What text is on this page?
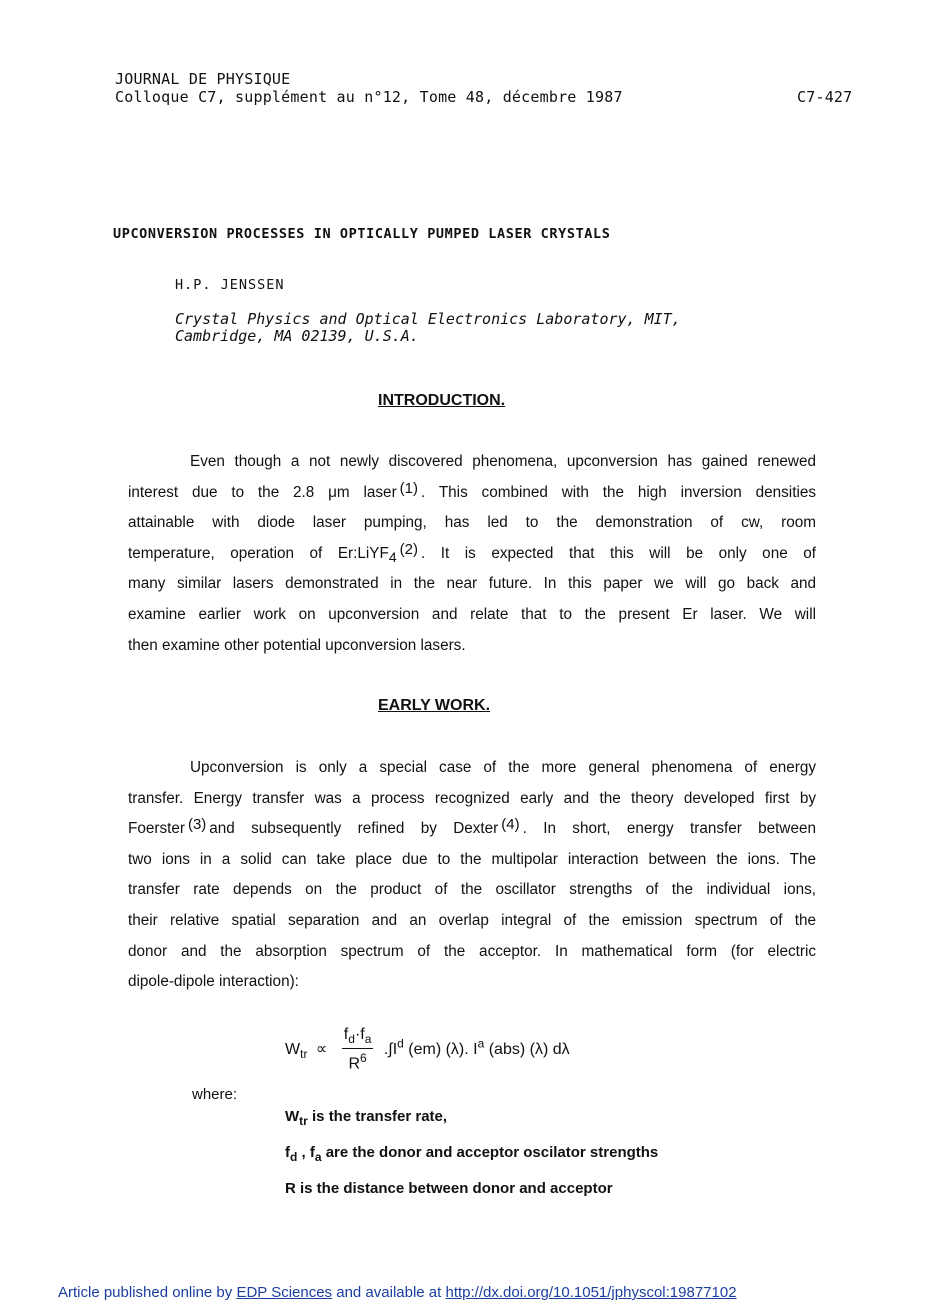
JOURNAL DE PHYSIQUE
Colloque C7, supplément au n°12, Tome 48, décembre 1987	C7-427
UPCONVERSION PROCESSES IN OPTICALLY PUMPED LASER CRYSTALS
H.P. JENSSEN
Crystal Physics and Optical Electronics Laboratory, MIT,
Cambridge, MA 02139, U.S.A.
INTRODUCTION.
Even though a not newly discovered phenomena, upconversion has gained renewed
interest due to the 2.8 μm laser $^{(1)}$ . This combined with the high inversion densities
attainable with diode laser pumping, has led to the demonstration of cw, room
temperature, operation of Er:LiYF$_4$ $^{(2)}$ . It is expected that this will be only one of
many similar lasers demonstrated in the near future. In this paper we will go back and
examine earlier work on upconversion and relate that to the present Er laser. We will
then examine other potential upconversion lasers.
EARLY WORK.
Upconversion is only a special case of the more general phenomena of energy
transfer. Energy transfer was a process recognized early and the theory developed first by
Foerster $^{(3)}$ and subsequently refined by Dexter $^{(4)}$ . In short, energy transfer between
two ions in a solid can take place due to the multipolar interaction between the ions. The
transfer rate depends on the product of the oscillator strengths of the individual ions,
their relative spatial separation and an overlap integral of the emission spectrum of the
donor and the absorption spectrum of the acceptor. In mathematical form (for electric
dipole-dipole interaction):
$W_{tr} \propto \frac{f_d\cdot f_a}{R^6} .\int I^d$ (em) (λ). $I^a$ (abs) (λ) dλ
where:
$W_{tr}$ is the transfer rate,
$f_d$ , $f_a$ are the donor and acceptor oscilator strengths
R is the distance between donor and acceptor
Article published online by EDP Sciences and available at http://dx.doi.org/10.1051/jphyscol:19877102
